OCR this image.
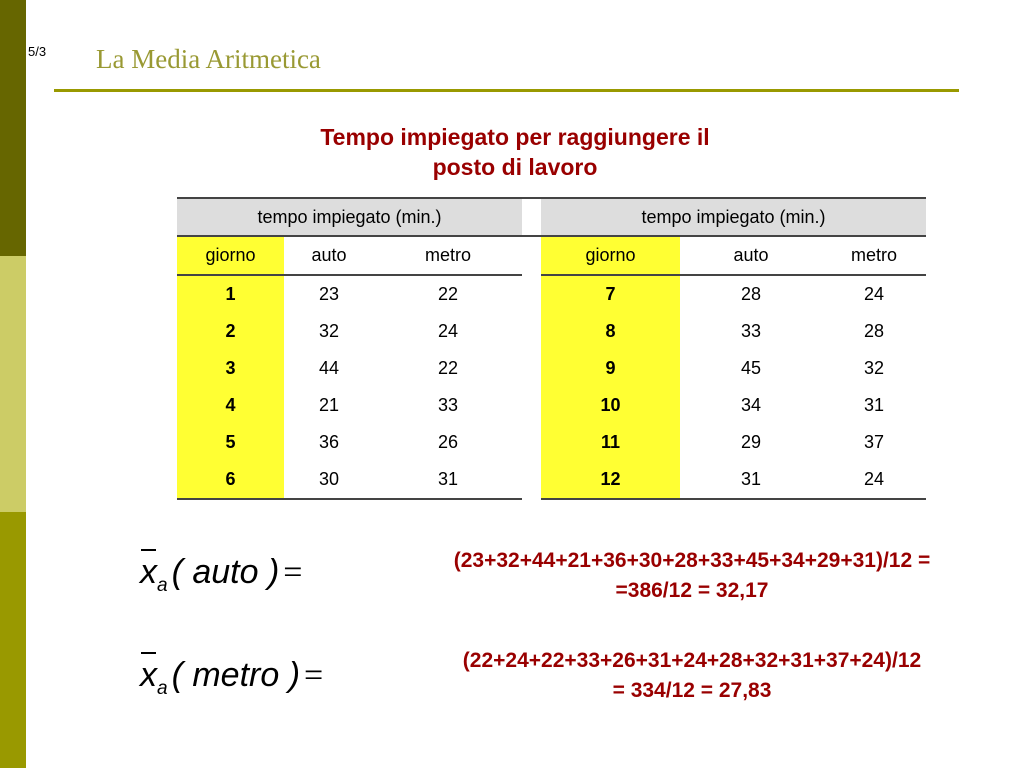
5/3 La Media Aritmetica
Tempo impiegato per raggiungere il
posto di lavoro
tempo impiegato (min.)		
giorno	auto	metro
1	23	22
2	32	24
3	44	22
4	21	33
5	36	26
6	30	31
tempo impiegato (min.)		
giorno	auto	metro
7	28	24
8	33	28
9	45	32
10	34	31
11	29	37
12	31	24
$x_a$ ( auto ) =	(23+32+44+21+36+30+28+33+45+34+29+31)/12 =
=386/12 = 32,17
$x_a$ ( metro ) =	(22+24+22+33+26+31+24+28+32+31+37+24)/12
= 334/12 = 27,83
